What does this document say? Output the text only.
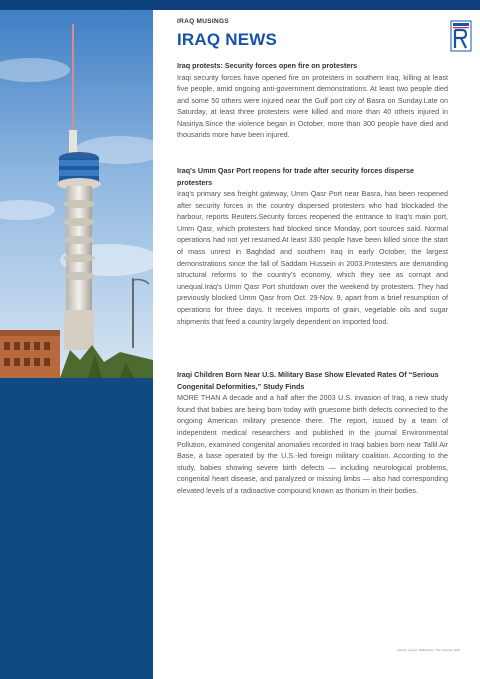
IRAQ MUSINGS

IRAQ NEWS

Iraq protests: Security forces open fire on protesters

Iraqi security forces have opened fire on protesters in southern Iraq, killing at least five people, amid ongoing anti-government demonstrations. At least two people died and some 50 others were injured near the Gulf port city of Basra on Sunday.Late on Saturday, at least three protesters were killed and more than 40 others injured in Nasiriya.Since the violence began in October, more than 300 people have died and thousands more have been injured.

Iraq's Umm Qasr Port reopens for trade after security forces disperse protesters

Iraq's primary sea freight gateway, Umm Qasr Port near Basra, has been reopened after security forces in the country dispersed protesters who had blockaded the harbour, reports Reuters.Security forces reopened the entrance to Iraq's main port, Umm Qasr, which protesters had blocked since Monday, port sources said. Normal operations had not yet resumed.At least 330 people have been killed since the start of mass unrest in Baghdad and southern Iraq in early October, the largest demonstrations since the fall of Saddam Hussein in 2003.Protesters are demanding structural reforms to the country's economy, which they see as corrupt and unequal.Iraq's Umm Qasr Port shutdown over the weekend by protesters. They had previously blocked Umm Qasr from Oct. 29-Nov. 9, apart from a brief resumption of operations for three days. It receives imports of grain, vegetable oils and sugar shipments that feed a country largely dependent on imported food.

Iraqi Children Born Near U.S. Military Base Show Elevated Rates Of “Serious Congenital Deformities,” Study Finds

MORE THAN A decade and a half after the 2003 U.S. invasion of Iraq, a new study found that babies are being born today with gruesome birth defects connected to the ongoing American military presence there. The report, issued by a team of independent medical researchers and published in the journal Environmental Pollution, examined congenital anomalies recorded in Iraqi babies born near Tallil Air Base, a base operated by the U.S.-led foreign military coalition. According to the study, babies showing severe birth defects — including neurological problems, congenital heart disease, and paralyzed or missing limbs — also had corresponding elevated levels of a radioactive compound known as thorium in their bodies.

Source: Layout: MaileFrans, The Intercept (NO)
